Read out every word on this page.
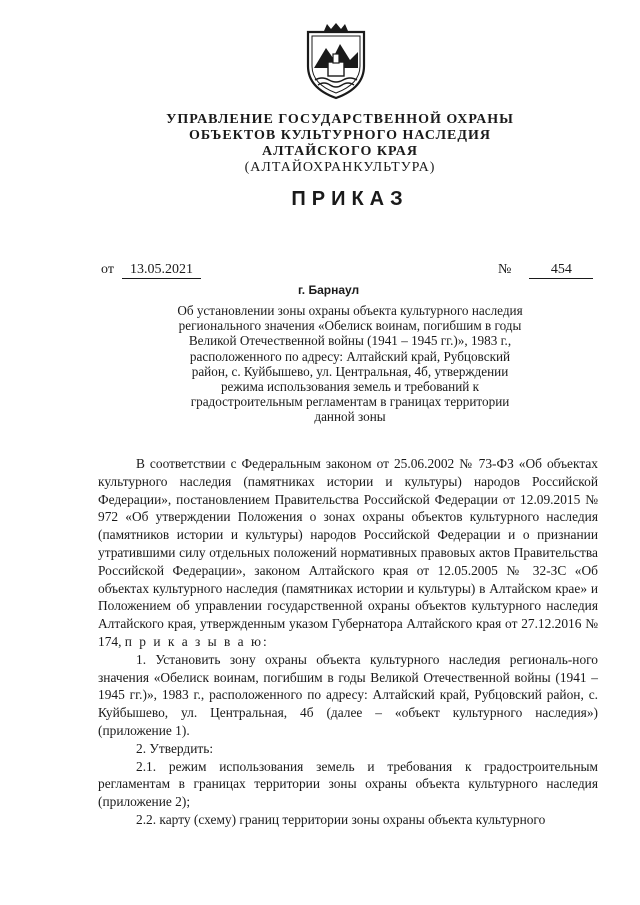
УПРАВЛЕНИЕ ГОСУДАРСТВЕННОЙ ОХРАНЫ
ОБЪЕКТОВ КУЛЬТУРНОГО НАСЛЕДИЯ
АЛТАЙСКОГО КРАЯ
(АЛТАЙОХРАНКУЛЬТУРА)
ПРИКАЗ
от 13.05.2021	№	454
г. Барнаул
Об установлении зоны охраны объекта культурного наследия
регионального значения «Обелиск воинам, погибшим в годы
Великой Отечественной войны (1941 – 1945 гг.)», 1983 г.,
расположенного по адресу: Алтайский край, Рубцовский
район, с. Куйбышево, ул. Центральная, 4б, утверждении
режима использования земель и требований к
градостроительным регламентам в границах территории
данной зоны

В соответствии с Федеральным законом от 25.06.2002 № 73-ФЗ «Об объектах культурного наследия (памятниках истории и культуры) народов Российской Федерации», постановлением Правительства Российской Федерации от 12.09.2015 № 972 «Об утверждении Положения о зонах охраны объектов культурного наследия (памятников истории и культуры) народов Российской Федерации и о признании утратившими силу отдельных положений нормативных правовых актов Правительства Российской Федерации», законом Алтайского края от 12.05.2005 № 32-ЗС «Об объектах культурного наследия (памятниках истории и культуры) в Алтайском крае» и Положением об управлении государственной охраны объектов культурного наследия Алтайского края, утвержденным указом Губернатора Алтайского края от 27.12.2016 № 174, п р и к а з ы в а ю:

1. Установить зону охраны объекта культурного наследия региональ-ного значения «Обелиск воинам, погибшим в годы Великой Отечественной войны (1941 – 1945 гг.)», 1983 г., расположенного по адресу: Алтайский край, Рубцовский район, с. Куйбышево, ул. Центральная, 4б (далее – «объект культурного наследия») (приложение 1).

2. Утвердить:

2.1. режим использования земель и требования к градостроительным регламентам в границах территории зоны охраны объекта культурного наследия (приложение 2);

2.2. карту (схему) границ территории зоны охраны объекта культурного
